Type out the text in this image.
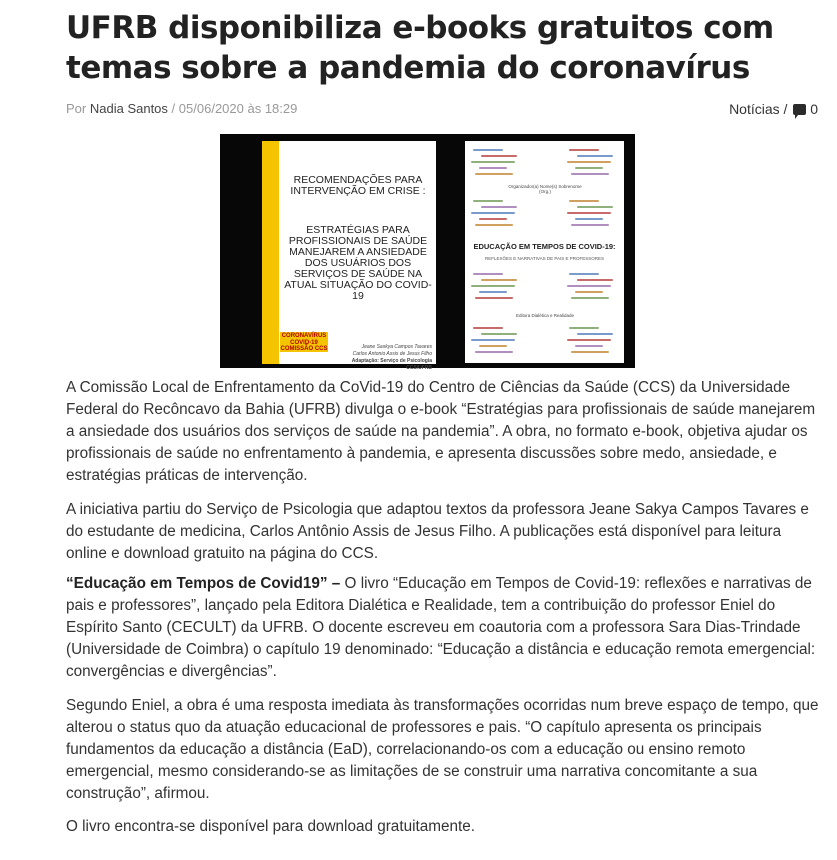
UFRB disponibiliza e-books gratuitos com temas sobre a pandemia do coronavírus
Por Nadia Santos / 05/06/2020 às 18:29	Notícias / 0
RECOMENDAÇÕES PARA INTERVENÇÃO EM CRISE :
ESTRATÉGIAS PARA PROFISSIONAIS DE SAÚDE MANEJAREM A ANSIEDADE DOS USUÁRIOS DOS SERVIÇOS DE SAÚDE NA ATUAL SITUAÇÃO DO COVID-19
CORONAVÍRUS COVID-19 COMISSÃO CCS	Jeane Saskya Campos Tavares
Carlos Antonio Assis de Jesus Filho
Adaptação: Serviço de Psicologia CCS/UFRB
Organizador(a) Nome(s) Sobrenome (Org.)
EDUCAÇÃO EM TEMPOS DE COVID-19:
REFLEXÕES E NARRATIVAS DE PAIS E PROFESSORES
Editora Dialética e Realidade

A Comissão Local de Enfrentamento da CoVid-19 do Centro de Ciências da Saúde (CCS) da Universidade Federal do Recôncavo da Bahia (UFRB) divulga o e-book “Estratégias para profissionais de saúde manejarem a ansiedade dos usuários dos serviços de saúde na pandemia”. A obra, no formato e-book, objetiva ajudar os profissionais de saúde no enfrentamento à pandemia, e apresenta discussões sobre medo, ansiedade, e estratégias práticas de intervenção.

A iniciativa partiu do Serviço de Psicologia que adaptou textos da professora Jeane Sakya Campos Tavares e do estudante de medicina, Carlos Antônio Assis de Jesus Filho. A publicações está disponível para leitura online e download gratuito na página do CCS.

“Educação em Tempos de Covid19” – O livro “Educação em Tempos de Covid-19: reflexões e narrativas de pais e professores”, lançado pela Editora Dialética e Realidade, tem a contribuição do professor Eniel do Espírito Santo (CECULT) da UFRB. O docente escreveu em coautoria com a professora Sara Dias-Trindade (Universidade de Coimbra) o capítulo 19 denominado: “Educação a distância e educação remota emergencial: convergências e divergências”.

Segundo Eniel, a obra é uma resposta imediata às transformações ocorridas num breve espaço de tempo, que alterou o status quo da atuação educacional de professores e pais. “O capítulo apresenta os principais fundamentos da educação a distância (EaD), correlacionando-os com a educação ou ensino remoto emergencial, mesmo considerando-se as limitações de se construir uma narrativa concomitante a sua construção”, afirmou.

O livro encontra-se disponível para download gratuitamente.
